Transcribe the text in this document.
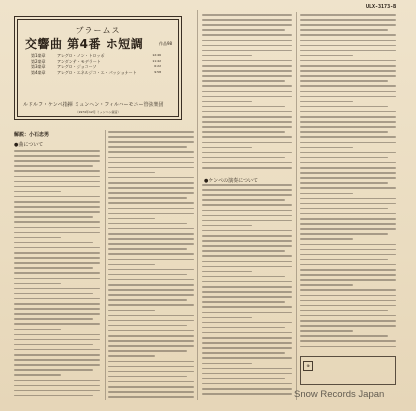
ULX-3173-B
ブラームス
交響曲 第4番 ホ短調	作品98
第1楽章	アレグロ・ノン・トロッポ	12:46
第2楽章	アンダンテ・モデラート	11:42
第3楽章	アレグロ・ジョコーソ	6:22
第4楽章	アレグロ・エネルジコ・エ・パッショナート	9:58
ルドルフ・ケンペ指揮 ミュンヘン・フィルハーモニー管弦楽団
〈1974年12月 ミュンヘン録音〉
解説：小石忠男
●曲について
●ケンペの演奏について
⊕
Snow Records Japan
